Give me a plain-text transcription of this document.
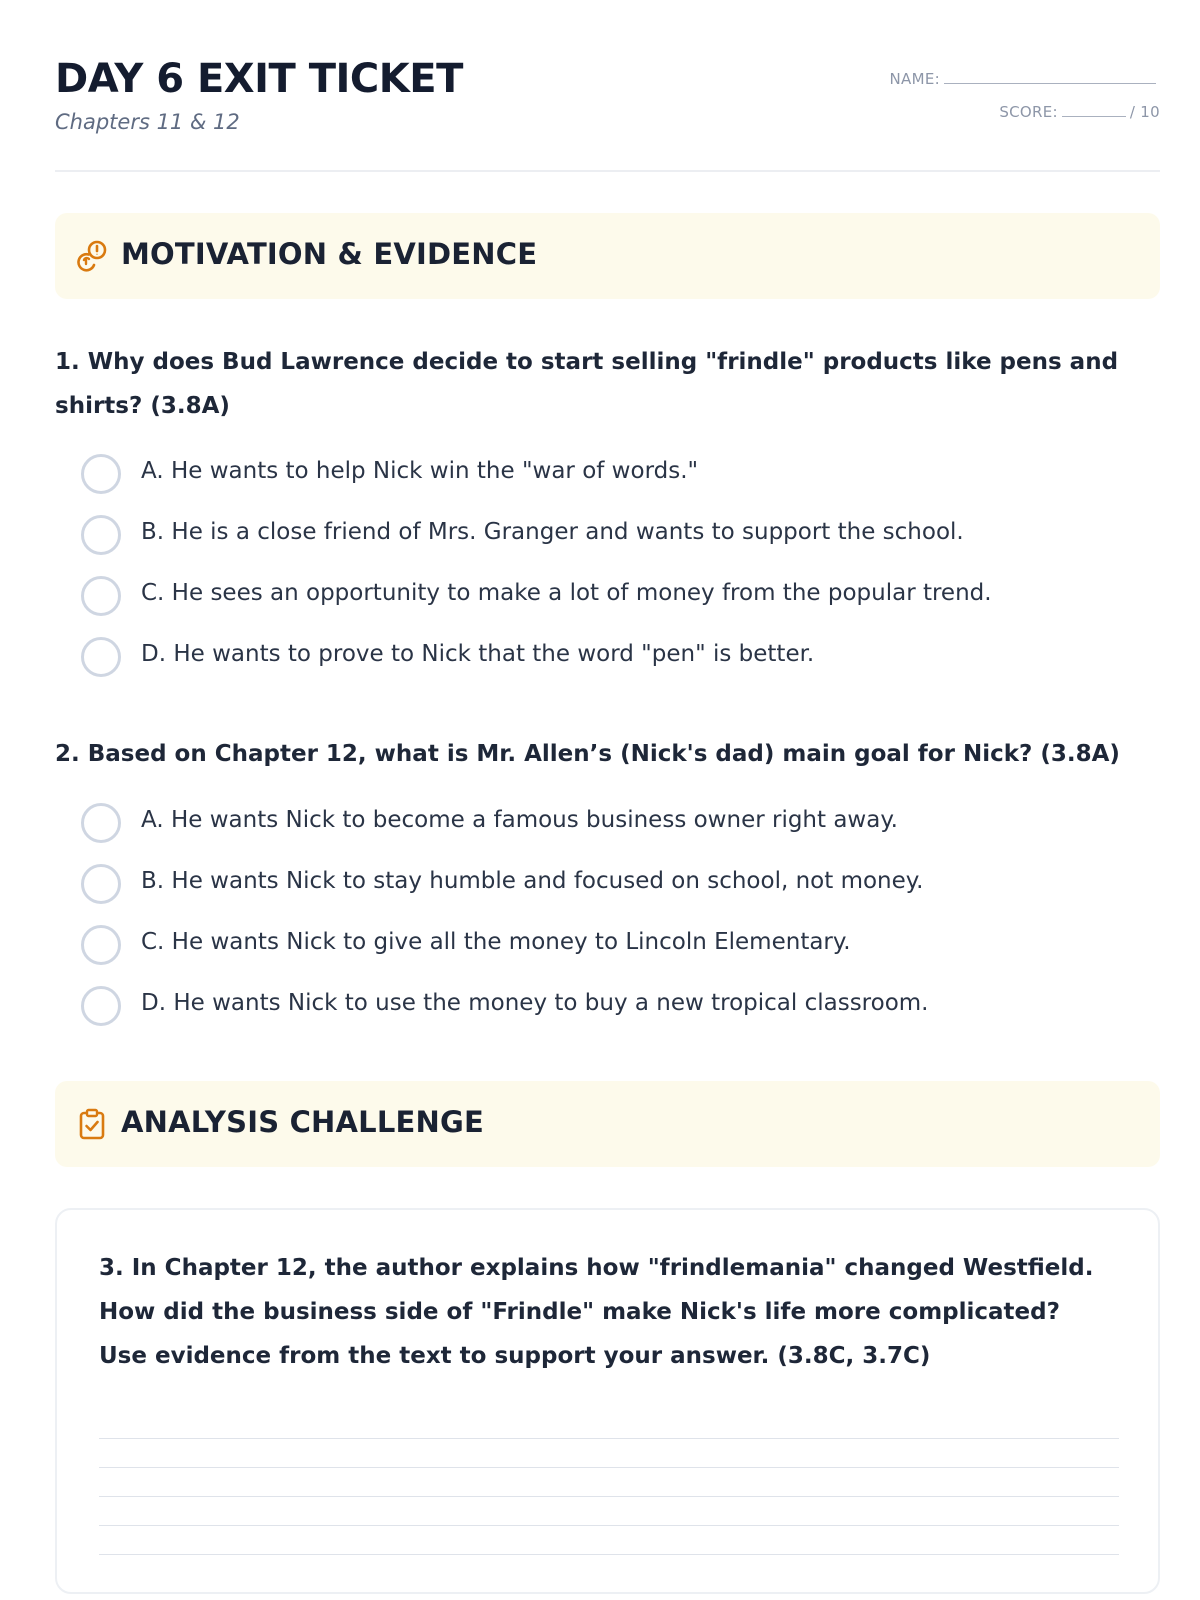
DAY 6 EXIT TICKET
Chapters 11 & 12
NAME:
SCORE:	/ 10
MOTIVATION & EVIDENCE
1. Why does Bud Lawrence decide to start selling "frindle" products like pens and shirts? (3.8A)
A. He wants to help Nick win the "war of words."
B. He is a close friend of Mrs. Granger and wants to support the school.
C. He sees an opportunity to make a lot of money from the popular trend.
D. He wants to prove to Nick that the word "pen" is better.
2. Based on Chapter 12, what is Mr. Allen’s (Nick's dad) main goal for Nick? (3.8A)
A. He wants Nick to become a famous business owner right away.
B. He wants Nick to stay humble and focused on school, not money.
C. He wants Nick to give all the money to Lincoln Elementary.
D. He wants Nick to use the money to buy a new tropical classroom.
ANALYSIS CHALLENGE
3. In Chapter 12, the author explains how "frindlemania" changed Westfield. How did the business side of "Frindle" make Nick's life more complicated? Use evidence from the text to support your answer. (3.8C, 3.7C)
